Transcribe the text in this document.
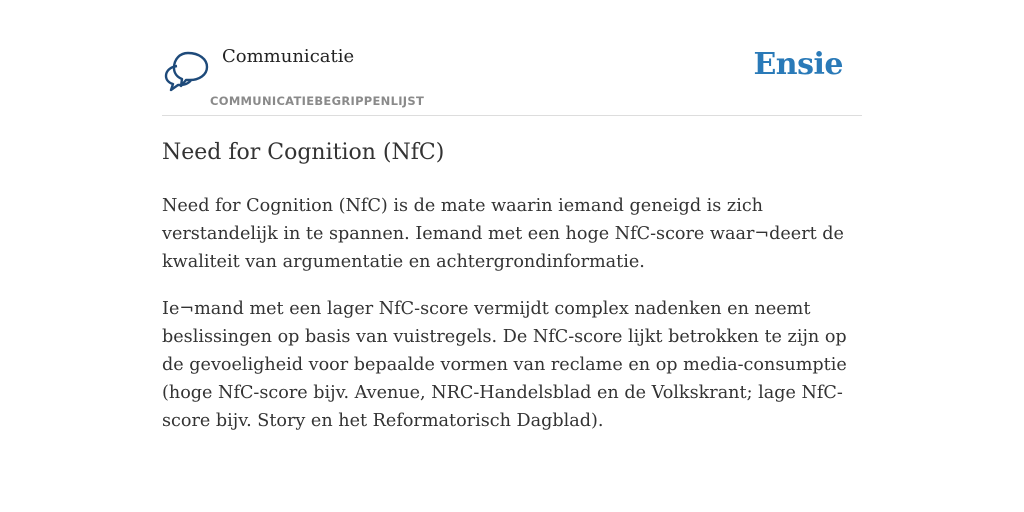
Communicatie
COMMUNICATIEBEGRIPPENLIJST
Ensie
Need for Cognition (NfC)

Need for Cognition (NfC) is de mate waarin iemand geneigd is zich verstandelijk in te spannen. Iemand met een hoge NfC-score waar¬deert de kwaliteit van argumentatie en achtergrondinformatie.

Ie¬mand met een lager NfC-score vermijdt complex nadenken en neemt beslissingen op basis van vuistregels. De NfC-score lijkt betrokken te zijn op de gevoeligheid voor bepaalde vormen van reclame en op media-consumptie (hoge NfC-score bijv. Avenue, NRC-Handelsblad en de Volkskrant; lage NfC-score bijv. Story en het Reformatorisch Dagblad).
